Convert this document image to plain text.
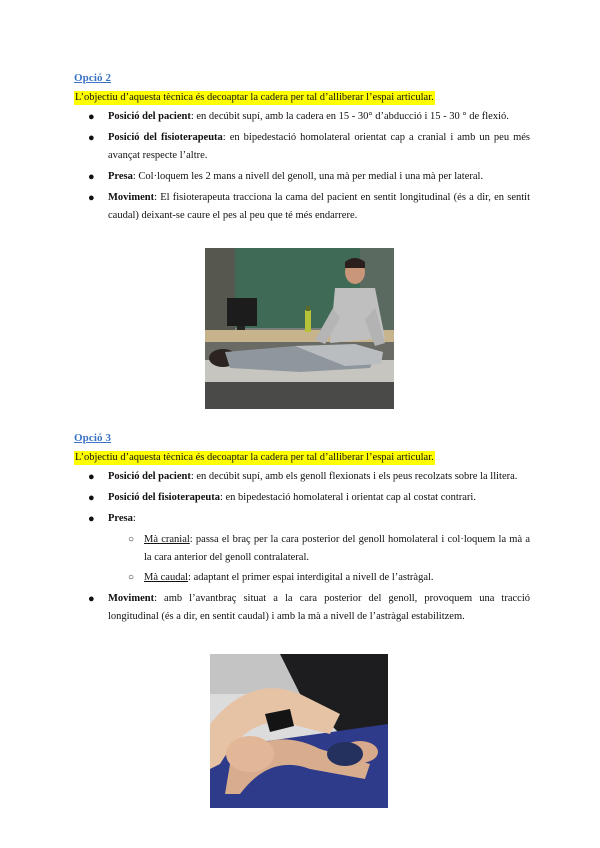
Opció 2
L’objectiu d’aquesta tècnica és decoaptar la cadera per tal d’alliberar l’espai articular.
● Posició del pacient: en decúbit supí, amb la cadera en 15 - 30° d’abducció i 15 - 30 ° de flexió.
● Posició del fisioterapeuta: en bipedestació homolateral orientat cap a cranial i amb un peu més avançat respecte l’altre.
● Presa: Col·loquem les 2 mans a nivell del genoll, una mà per medial i una mà per lateral.
● Moviment: El fisioterapeuta tracciona la cama del pacient en sentit longitudinal (és a dir, en sentit caudal) deixant-se caure el pes al peu que té més endarrere.
Opció 3
L’objectiu d’aquesta tècnica és decoaptar la cadera per tal d’alliberar l’espai articular.
● Posició del pacient: en decúbit supí, amb els genoll flexionats i els peus recolzats sobre la llitera.
● Posició del fisioterapeuta: en bipedestació homolateral i orientat cap al costat contrari.
● Presa:
○ Mà cranial: passa el braç per la cara posterior del genoll homolateral i col·loquem la mà a la cara anterior del genoll contralateral.
○ Mà caudal: adaptant el primer espai interdigital a nivell de l’astràgal.
● Moviment: amb l’avantbraç situat a la cara posterior del genoll, provoquem una tracció longitudinal (és a dir, en sentit caudal) i amb la mà a nivell de l’astràgal estabilitzem.
